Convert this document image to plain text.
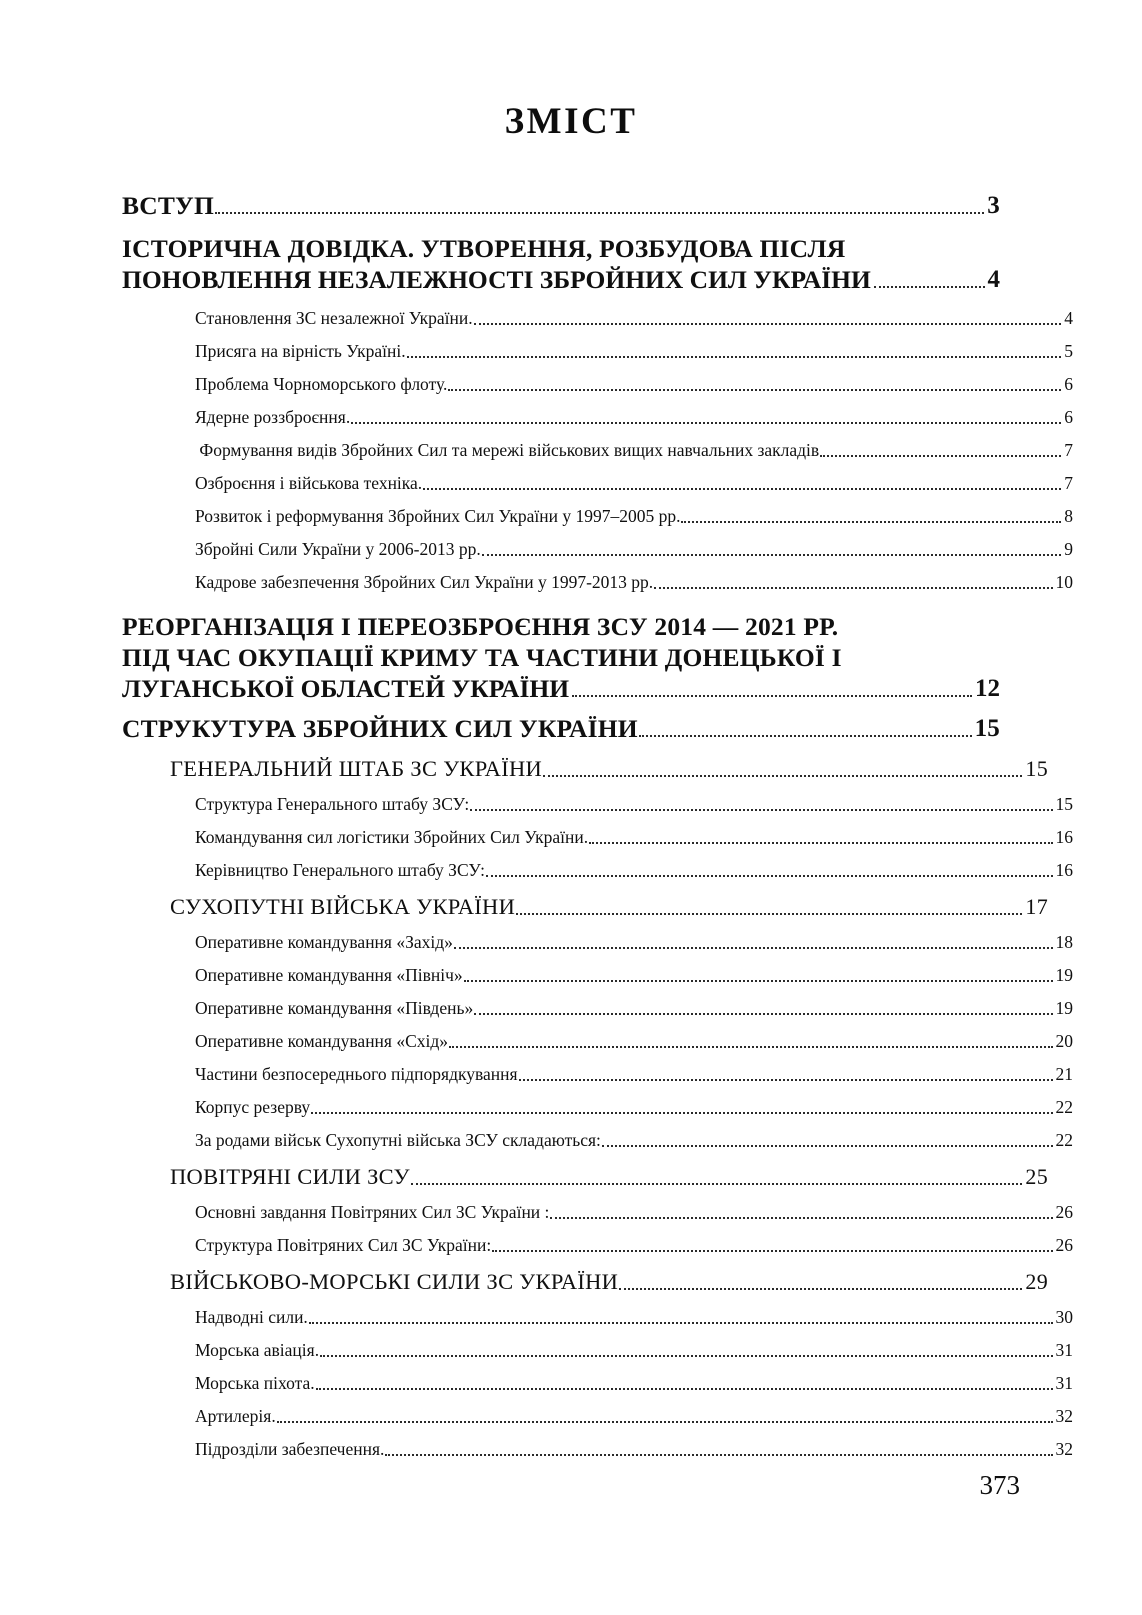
ЗМІСТ
ВСТУП	3
ІСТОРИЧНА ДОВІДКА. УТВОРЕННЯ, РОЗБУДОВА ПІСЛЯ
ПОНОВЛЕННЯ НЕЗАЛЕЖНОСТІ ЗБРОЙНИХ СИЛ УКРАЇНИ	4
Становлення ЗС незалежної України.	4
Присяга на вірність Україні.	5
Проблема Чорноморського флоту.	6
Ядерне роззброєння.	6
Формування видів Збройних Сил та мережі військових вищих навчальних закладів	7
Озброєння і військова техніка.	7
Розвиток і реформування Збройних Сил України у 1997–2005 рр.	8
Збройні Сили України у 2006-2013 рр.	9
Кадрове забезпечення Збройних Сил України у 1997-2013 рр.	10
РЕОРГАНІЗАЦІЯ І ПЕРЕОЗБРОЄННЯ ЗСУ 2014 — 2021 РР.
ПІД ЧАС ОКУПАЦІЇ КРИМУ ТА ЧАСТИНИ ДОНЕЦЬКОЇ І
ЛУГАНСЬКОЇ ОБЛАСТЕЙ УКРАЇНИ	12
СТРУКУТУРА ЗБРОЙНИХ СИЛ УКРАЇНИ	15
ГЕНЕРАЛЬНИЙ ШТАБ ЗС УКРАЇНИ	15
Структура Генерального штабу ЗСУ:	15
Командування сил логістики Збройних Сил України.	16
Керівництво Генерального штабу ЗСУ:	16
СУХОПУТНІ ВІЙСЬКА УКРАЇНИ	17
Оперативне командування «Захід»	18
Оперативне командування «Північ»	19
Оперативне командування «Південь»	19
Оперативне командування «Схід»	20
Частини безпосереднього підпорядкування	21
Корпус резерву	22
За родами військ Сухопутні війська ЗСУ складаються:	22
ПОВІТРЯНІ СИЛИ ЗСУ	25
Основні завдання Повітряних Сил ЗС України :	26
Структура Повітряних Сил ЗС України:	26
ВІЙСЬКОВО-МОРСЬКІ СИЛИ ЗС УКРАЇНИ	29
Надводні сили.	30
Морська авіація.	31
Морська піхота.	31
Артилерія.	32
Підрозділи забезпечення.	32
373
